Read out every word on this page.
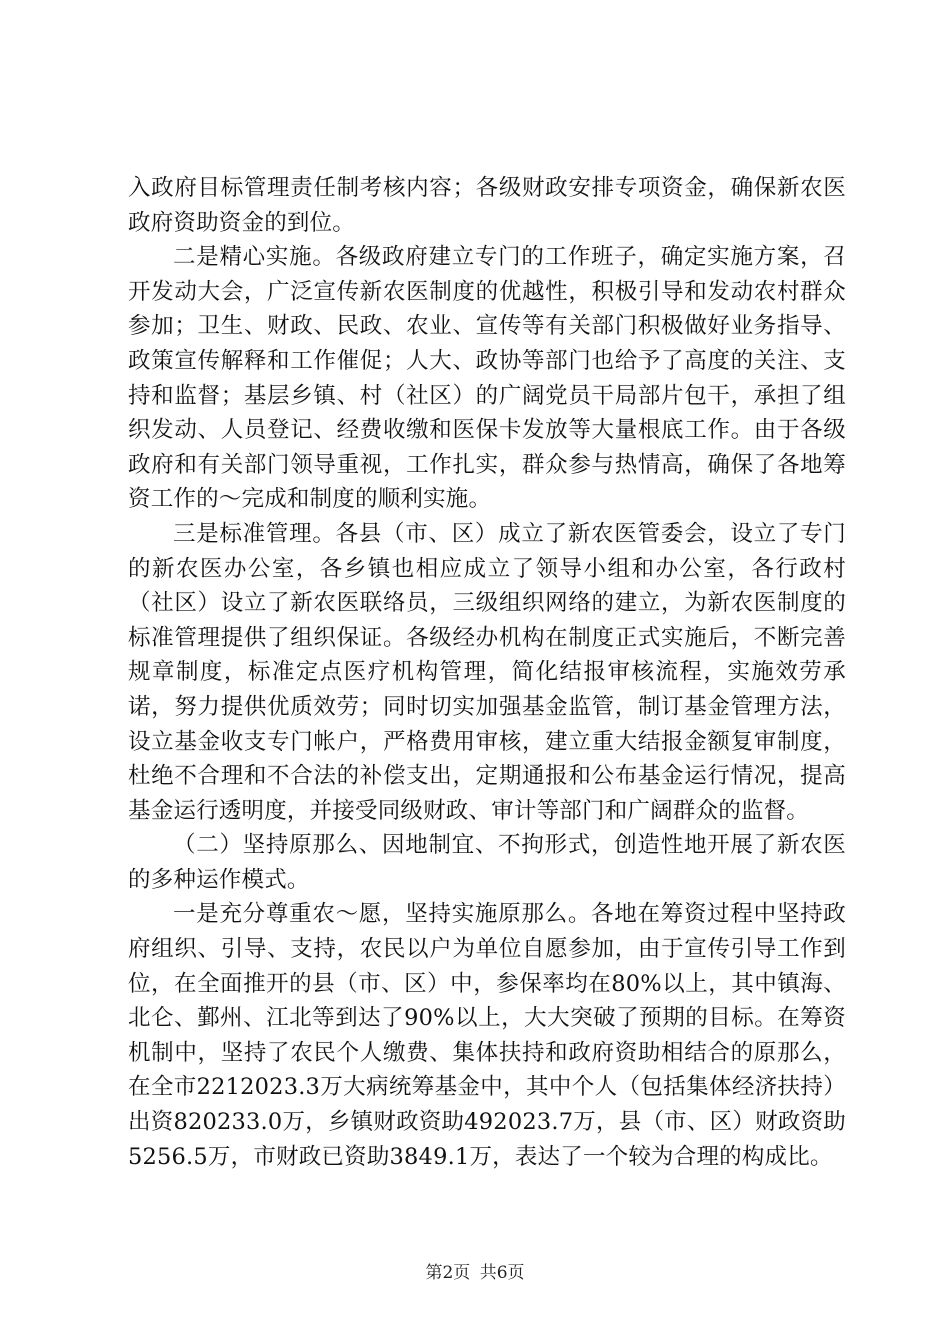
入政府目标管理责任制考核内容；各级财政安排专项资金，确保新农医政府资助资金的到位。

二是精心实施。各级政府建立专门的工作班子，确定实施方案，召开发动大会，广泛宣传新农医制度的优越性，积极引导和发动农村群众参加；卫生、财政、民政、农业、宣传等有关部门积极做好业务指导、政策宣传解释和工作催促；人大、政协等部门也给予了高度的关注、支持和监督；基层乡镇、村（社区）的广阔党员干局部片包干，承担了组织发动、人员登记、经费收缴和医保卡发放等大量根底工作。由于各级政府和有关部门领导重视，工作扎实，群众参与热情高，确保了各地筹资工作的～完成和制度的顺利实施。

三是标准管理。各县（市、区）成立了新农医管委会，设立了专门的新农医办公室，各乡镇也相应成立了领导小组和办公室，各行政村（社区）设立了新农医联络员，三级组织网络的建立，为新农医制度的标准管理提供了组织保证。各级经办机构在制度正式实施后，不断完善规章制度，标准定点医疗机构管理，简化结报审核流程，实施效劳承诺，努力提供优质效劳；同时切实加强基金监管，制订基金管理方法，设立基金收支专门帐户，严格费用审核，建立重大结报金额复审制度，杜绝不合理和不合法的补偿支出，定期通报和公布基金运行情况，提高基金运行透明度，并接受同级财政、审计等部门和广阔群众的监督。

（二）坚持原那么、因地制宜、不拘形式，创造性地开展了新农医的多种运作模式。

一是充分尊重农～愿，坚持实施原那么。各地在筹资过程中坚持政府组织、引导、支持，农民以户为单位自愿参加，由于宣传引导工作到位，在全面推开的县（市、区）中，参保率均在80%以上，其中镇海、北仑、鄞州、江北等到达了90%以上，大大突破了预期的目标。在筹资机制中，坚持了农民个人缴费、集体扶持和政府资助相结合的原那么，在全市2212023.3万大病统筹基金中，其中个人（包括集体经济扶持）出资820233.0万，乡镇财政资助492023.7万，县（市、区）财政资助5256.5万，市财政已资助3849.1万，表达了一个较为合理的构成比。

第2页 共6页
